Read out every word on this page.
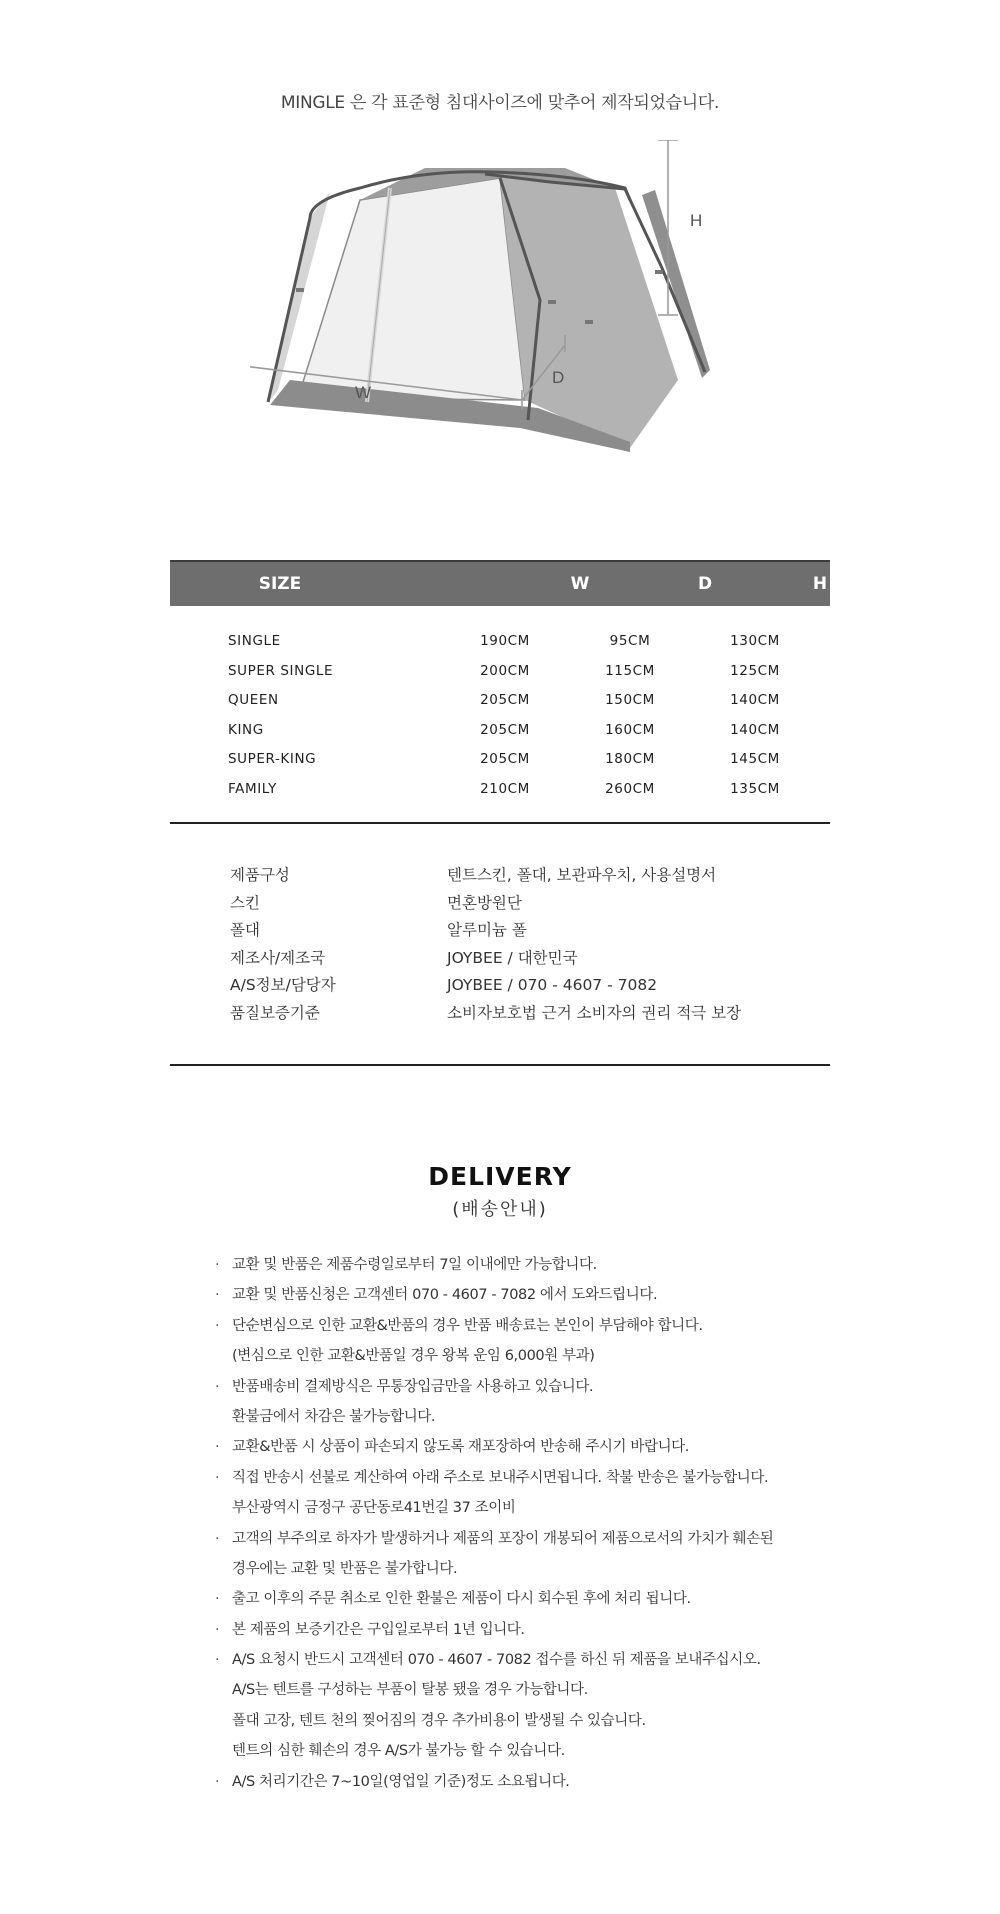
MINGLE 은 각 표준형 침대사이즈에 맞추어 제작되었습니다.
H
W
D
SIZE	W	D	H
SINGLE	190CM	95CM	130CM
SUPER SINGLE	200CM	115CM	125CM
QUEEN	205CM	150CM	140CM
KING	205CM	160CM	140CM
SUPER-KING	205CM	180CM	145CM
FAMILY	210CM	260CM	135CM
제품구성	텐트스킨, 폴대, 보관파우치, 사용설명서
스킨	면혼방원단
폴대	알루미늄 폴
제조사/제조국	JOYBEE / 대한민국
A/S정보/담당자	JOYBEE / 070 - 4607 - 7082
품질보증기준	소비자보호법 근거 소비자의 권리 적극 보장
DELIVERY
(배송안내)
· 교환 및 반품은 제품수령일로부터 7일 이내에만 가능합니다.
· 교환 및 반품신청은 고객센터 070 - 4607 - 7082 에서 도와드립니다.
· 단순변심으로 인한 교환&반품의 경우 반품 배송료는 본인이 부담해야 합니다.
(변심으로 인한 교환&반품일 경우 왕복 운임 6,000원 부과)
· 반품배송비 결제방식은 무통장입금만을 사용하고 있습니다.
환불금에서 차감은 불가능합니다.
· 교환&반품 시 상품이 파손되지 않도록 재포장하여 반송해 주시기 바랍니다.
· 직접 반송시 선불로 계산하여 아래 주소로 보내주시면됩니다. 착불 반송은 불가능합니다.
부산광역시 금정구 공단동로41번길 37 조이비
· 고객의 부주의로 하자가 발생하거나 제품의 포장이 개봉되어 제품으로서의 가치가 훼손된
경우에는 교환 및 반품은 불가합니다.
· 출고 이후의 주문 취소로 인한 환불은 제품이 다시 회수된 후에 처리 됩니다.
· 본 제품의 보증기간은 구입일로부터 1년 입니다.
· A/S 요청시 반드시 고객센터 070 - 4607 - 7082 접수를 하신 뒤 제품을 보내주십시오.
A/S는 텐트를 구성하는 부품이 탈봉 됐을 경우 가능합니다.
폴대 고장, 텐트 천의 찢어짐의 경우 추가비용이 발생될 수 있습니다.
텐트의 심한 훼손의 경우 A/S가 불가능 할 수 있습니다.
· A/S 처리기간은 7~10일(영업일 기준)정도 소요됩니다.
